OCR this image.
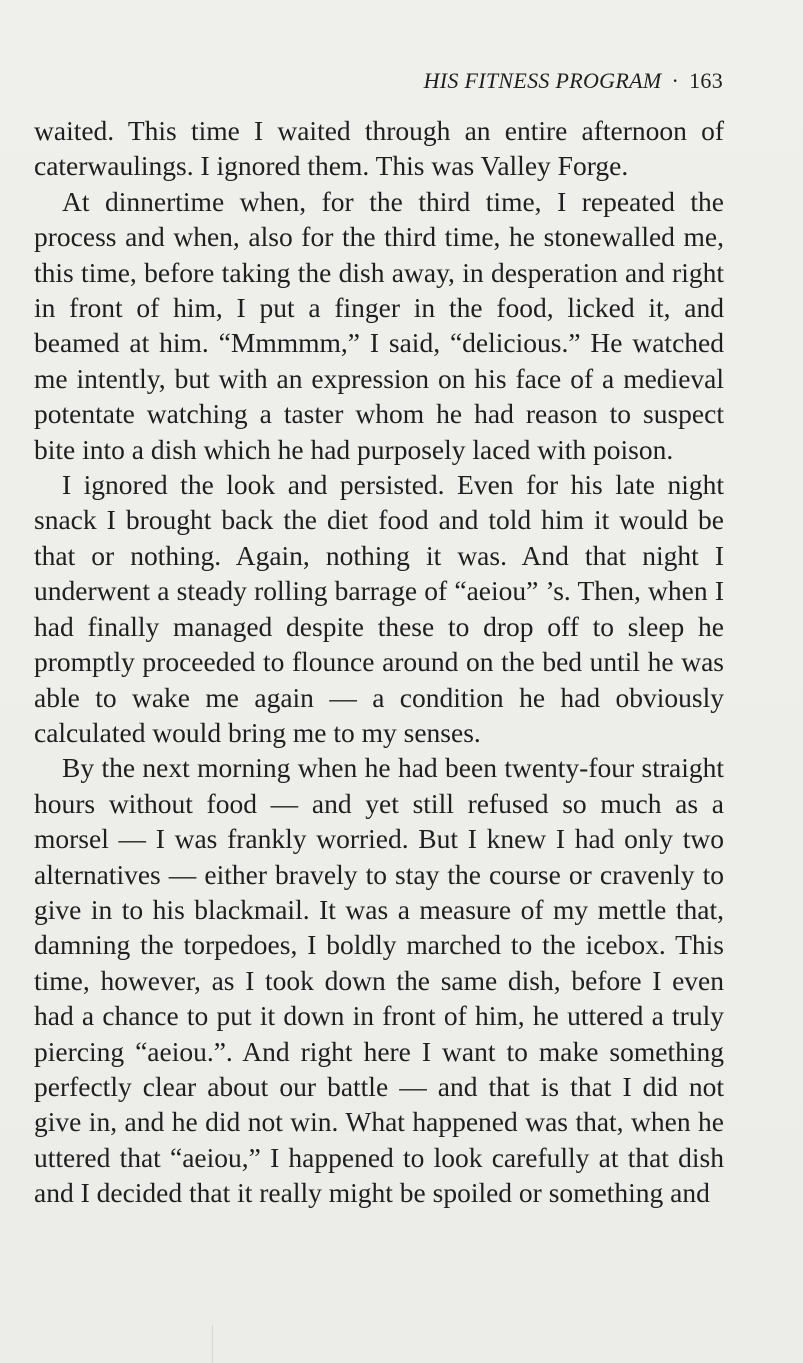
HIS FITNESS PROGRAM · 163

waited. This time I waited through an entire afternoon of caterwaulings. I ignored them. This was Valley Forge.

At dinnertime when, for the third time, I repeated the process and when, also for the third time, he stonewalled me, this time, before taking the dish away, in desperation and right in front of him, I put a finger in the food, licked it, and beamed at him. “Mmmmm,” I said, “delicious.” He watched me intently, but with an expression on his face of a medieval potentate watching a taster whom he had reason to suspect bite into a dish which he had purposely laced with poison.

I ignored the look and persisted. Even for his late night snack I brought back the diet food and told him it would be that or nothing. Again, nothing it was. And that night I underwent a steady rolling barrage of “aeiou” ’s. Then, when I had finally managed despite these to drop off to sleep he promptly proceeded to flounce around on the bed until he was able to wake me again — a condition he had obviously calculated would bring me to my senses.

By the next morning when he had been twenty-four straight hours without food — and yet still refused so much as a morsel — I was frankly worried. But I knew I had only two alternatives — either bravely to stay the course or cravenly to give in to his blackmail. It was a measure of my mettle that, damning the torpedoes, I boldly marched to the icebox. This time, however, as I took down the same dish, before I even had a chance to put it down in front of him, he uttered a truly piercing “aeiou.”. And right here I want to make something perfectly clear about our battle — and that is that I did not give in, and he did not win. What happened was that, when he uttered that “aeiou,” I happened to look carefully at that dish and I decided that it really might be spoiled or something and
